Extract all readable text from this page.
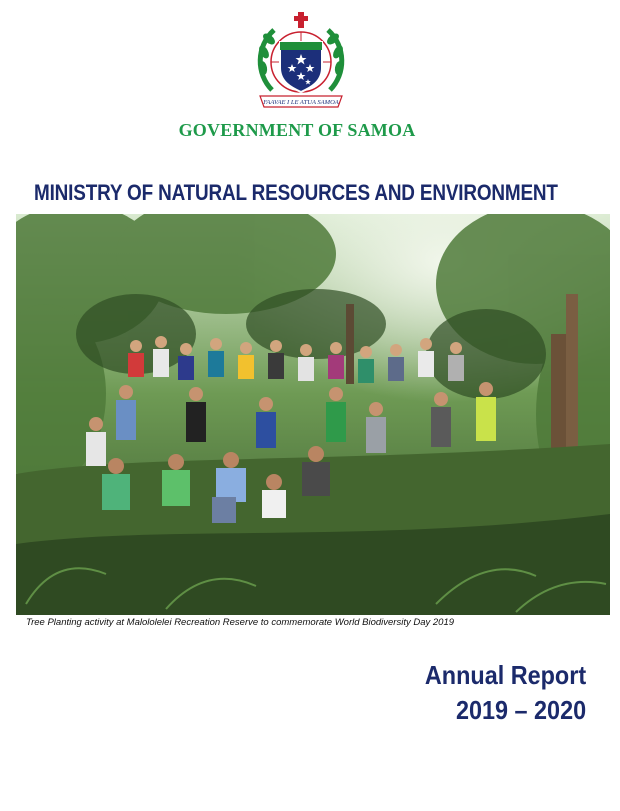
FAAVAE I LE ATUA SAMOA
GOVERNMENT OF SAMOA
MINISTRY OF NATURAL RESOURCES AND ENVIRONMENT
Tree Planting activity at Malololelei Recreation Reserve to commemorate World Biodiversity Day 2019
Annual Report
2019 – 2020
